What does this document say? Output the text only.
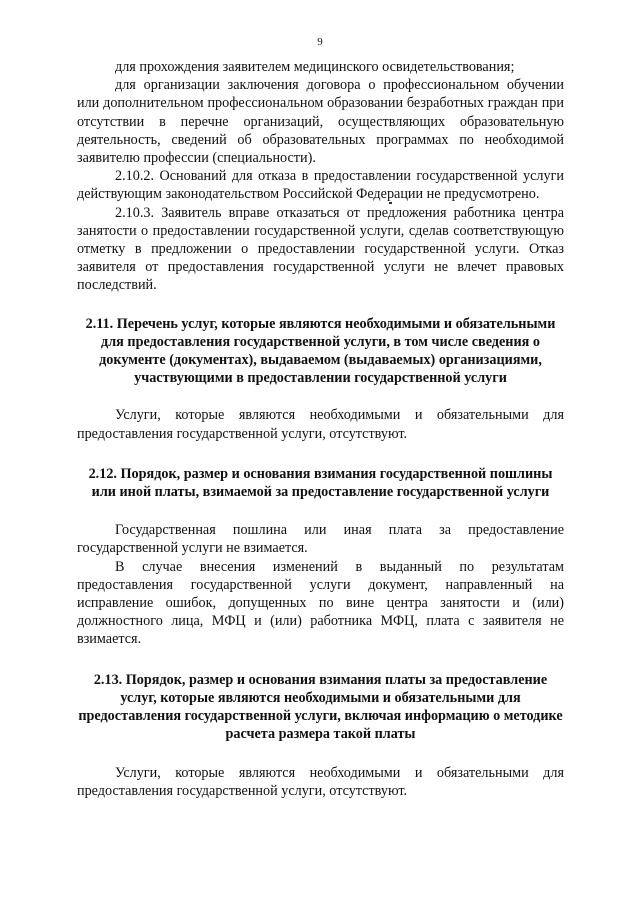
9

для прохождения заявителем медицинского освидетельствования;

для организации заключения договора о профессиональном обучении или дополнительном профессиональном образовании безработных граждан при отсутствии в перечне организаций, осуществляющих образовательную деятельность, сведений об образовательных программах по необходимой заявителю профессии (специальности).

2.10.2. Оснований для отказа в предоставлении государственной услуги действующим законодательством Российской Федерации не предусмотрено.

2.10.3. Заявитель вправе отказаться от предложения работника центра занятости о предоставлении государственной услуги, сделав соответствующую отметку в предложении о предоставлении государственной услуги. Отказ заявителя от предоставления государственной услуги не влечет правовых последствий.

2.11. Перечень услуг, которые являются необходимыми и обязательными для предоставления государственной услуги, в том числе сведения о документе (документах), выдаваемом (выдаваемых) организациями, участвующими в предоставлении государственной услуги

Услуги, которые являются необходимыми и обязательными для предоставления государственной услуги, отсутствуют.

2.12. Порядок, размер и основания взимания государственной пошлины или иной платы, взимаемой за предоставление государственной услуги

Государственная пошлина или иная плата за предоставление государственной услуги не взимается.

В случае внесения изменений в выданный по результатам предоставления государственной услуги документ, направленный на исправление ошибок, допущенных по вине центра занятости и (или) должностного лица, МФЦ и (или) работника МФЦ, плата с заявителя не взимается.

2.13. Порядок, размер и основания взимания платы за предоставление услуг, которые являются необходимыми и обязательными для предоставления государственной услуги, включая информацию о методике расчета размера такой платы

Услуги, которые являются необходимыми и обязательными для предоставления государственной услуги, отсутствуют.
